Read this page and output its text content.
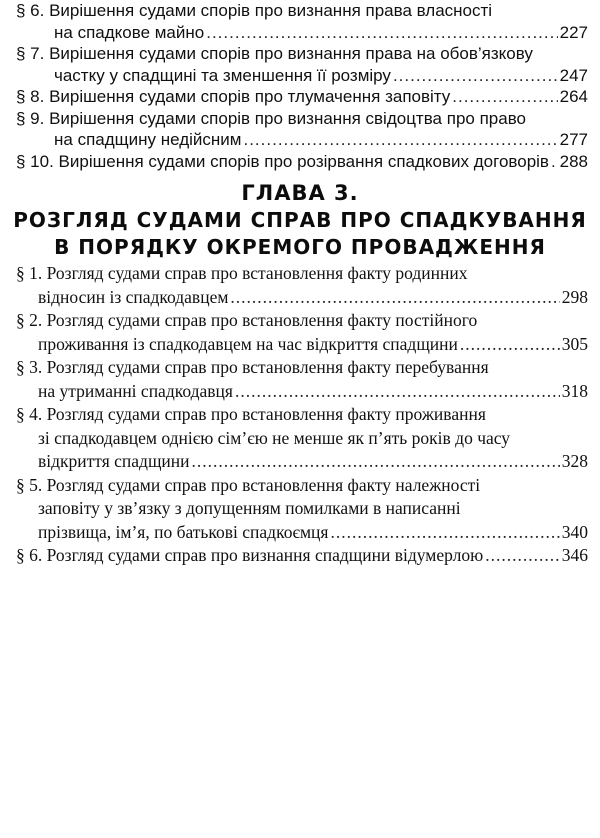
§ 6. Вирішення судами спорів про визнання права власності
на спадкове майно .....	227
§ 7. Вирішення судами спорів про визнання права на обов’язкову
частку у спадщині та зменшення її розміру .....	247
§ 8. Вирішення судами спорів про тлумачення заповіту .....	264
§ 9. Вирішення судами спорів про визнання свідоцтва про право
на спадщину недійсним .....	277
§ 10. Вирішення судами спорів про розірвання спадкових договорів ..... 288
ГЛАВА 3.
РОЗГЛЯД СУДАМИ СПРАВ ПРО СПАДКУВАННЯ
В ПОРЯДКУ ОКРЕМОГО ПРОВАДЖЕННЯ
§ 1. Розгляд судами справ про встановлення факту родинних
відносин із спадкодавцем .....	298
§ 2. Розгляд судами справ про встановлення факту постійного
проживання із спадкодавцем на час відкриття спадщини .....	305
§ 3. Розгляд судами справ про встановлення факту перебування
на утриманні спадкодавця .....	318
§ 4. Розгляд судами справ про встановлення факту проживання
зі спадкодавцем однією сім’єю не менше як п’ять років до часу
відкриття спадщини .....	328
§ 5. Розгляд судами справ про встановлення факту належності
заповіту у зв’язку з допущенням помилками в написанні
прізвища, ім’я, по батькові спадкоємця .....	340
§ 6. Розгляд судами справ про визнання спадщини відумерлою .....	346
